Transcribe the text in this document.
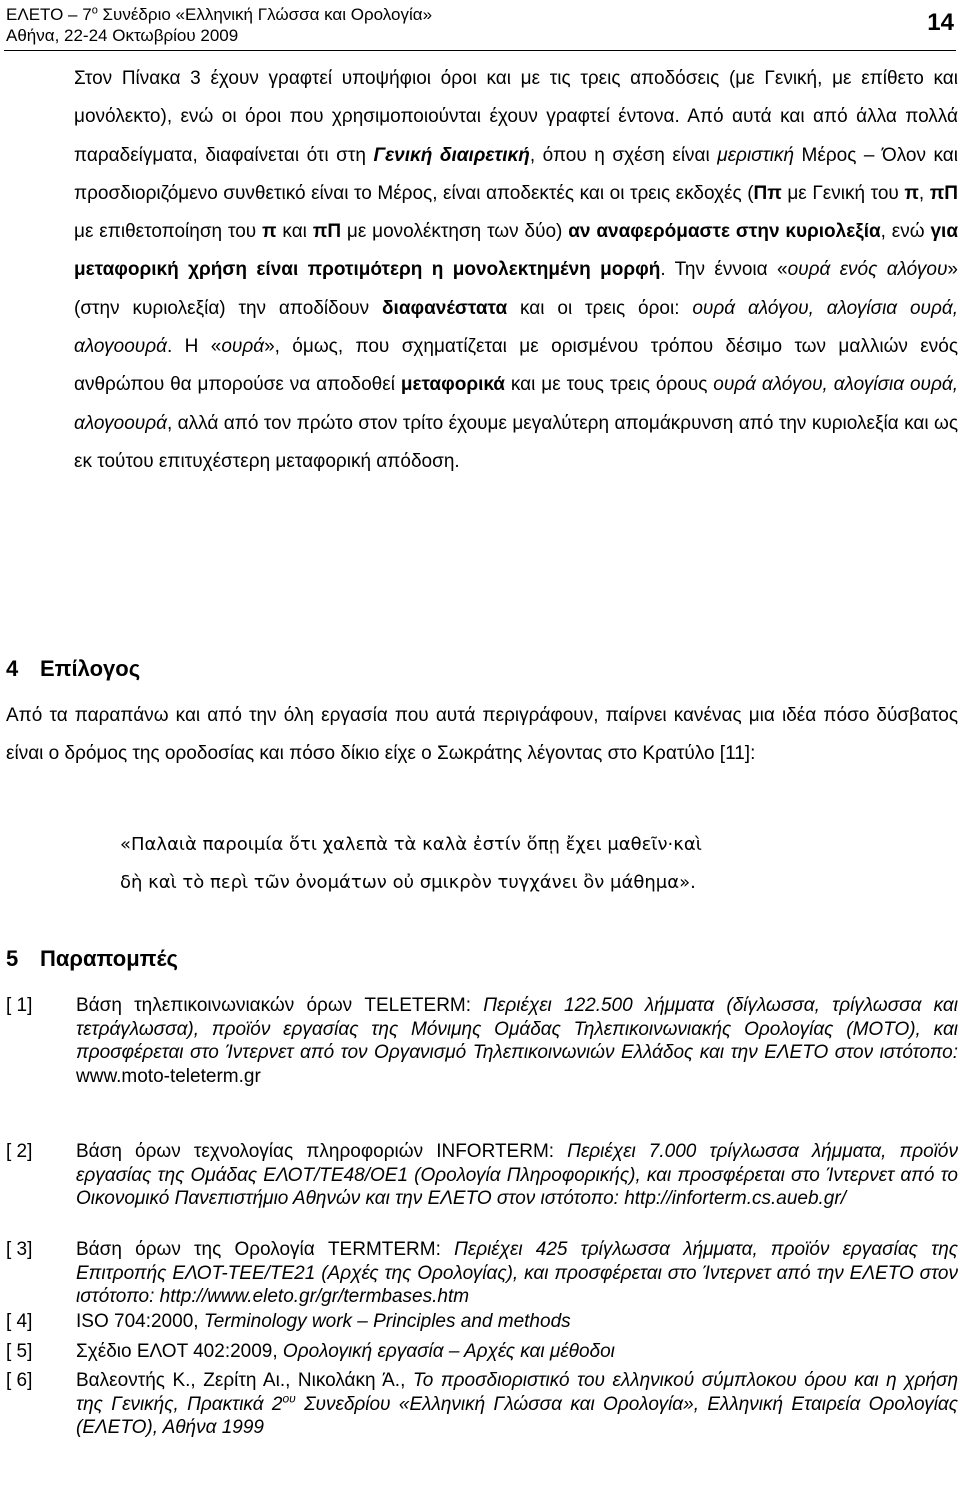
ΕΛΕΤΟ – $7^o$ Συνέδριο «Ελληνική Γλώσσα και Ορολογία»
Αθήνα, 22-24 Οκτωβρίου 2009	14

Στον Πίνακα 3 έχουν γραφτεί υποψήφιοι όροι και με τις τρεις αποδόσεις (με Γενική, με επίθετο και μονόλεκτο), ενώ οι όροι που χρησιμοποιούνται έχουν γραφτεί έντονα. Από αυτά και από άλλα πολλά παραδείγματα, διαφαίνεται ότι στη Γενική διαιρετική, όπου η σχέση είναι μεριστική Μέρος – Όλον και προσδιοριζόμενο συνθετικό είναι το Μέρος, είναι αποδεκτές και οι τρεις εκδοχές (Ππ με Γενική του π, πΠ με επιθετοποίηση του π και πΠ με μονολέκτηση των δύο) αν αναφερόμαστε στην κυριολεξία, ενώ για μεταφορική χρήση είναι προτιμότερη η μονολεκτημένη μορφή. Την έννοια «ουρά ενός αλόγου» (στην κυριολεξία) την αποδίδουν διαφανέστατα και οι τρεις όροι: ουρά αλόγου, αλογίσια ουρά, αλογοουρά. Η «ουρά», όμως, που σχηματίζεται με ορισμένου τρόπου δέσιμο των μαλλιών ενός ανθρώπου θα μπορούσε να αποδοθεί μεταφορικά και με τους τρεις όρους ουρά αλόγου, αλογίσια ουρά, αλογοουρά, αλλά από τον πρώτο στον τρίτο έχουμε μεγαλύτερη απομάκρυνση από την κυριολεξία και ως εκ τούτου επιτυχέστερη μεταφορική απόδοση.

4 Επίλογος

Από τα παραπάνω και από την όλη εργασία που αυτά περιγράφουν, παίρνει κανένας μια ιδέα πόσο δύσβατος είναι ο δρόμος της οροδοσίας και πόσο δίκιο είχε ο Σωκράτης λέγοντας στο Κρατύλο [11]:

«Παλαιὰ παροιμία ὅτι χαλεπὰ τὰ καλὰ ἐστίν ὅπῃ ἔχει μαθεῖν·καὶ
δὴ καὶ τὸ περὶ τῶν ὀνομάτων οὐ σμικρὸν τυγχάνει ὂν μάθημα».

5 Παραπομπές
[ 1]	Βάση τηλεπικοινωνιακών όρων TELETERM: Περιέχει 122.500 λήμματα (δίγλωσσα, τρίγλωσσα και τετράγλωσσα), προϊόν εργασίας της Μόνιμης Ομάδας Τηλεπικοινωνιακής Ορολογίας (ΜΟΤΟ), και προσφέρεται στο Ίντερνετ από τον Οργανισμό Τηλεπικοινωνιών Ελλάδος και την ΕΛΕΤΟ στον ιστότοπο: www.moto-teleterm.gr
[ 2]	Βάση όρων τεχνολογίας πληροφοριών INFORTERM: Περιέχει 7.000 τρίγλωσσα λήμματα, προϊόν εργασίας της Ομάδας ΕΛΟΤ/ΤΕ48/ΟΕ1 (Ορολογία Πληροφορικής), και προσφέρεται στο Ίντερνετ από το Οικονομικό Πανεπιστήμιο Αθηνών και την ΕΛΕΤΟ στον ιστότοπο: http://inforterm.cs.aueb.gr/
[ 3]	Βάση όρων της Ορολογία TERMTERM: Περιέχει 425 τρίγλωσσα λήμματα, προϊόν εργασίας της Επιτροπής ΕΛΟΤ-ΤΕΕ/ΤΕ21 (Αρχές της Ορολογίας), και προσφέρεται στο Ίντερνετ από την ΕΛΕΤΟ στον ιστότοπο: http://www.eleto.gr/gr/termbases.htm
[ 4]	ISO 704:2000, Terminology work – Principles and methods
[ 5]	Σχέδιο ΕΛΟΤ 402:2009, Ορολογική εργασία – Αρχές και μέθοδοι
[ 6]	Βαλεοντής Κ., Ζερίτη Αι., Νικολάκη Ά., Το προσδιοριστικό του ελληνικού σύμπλοκου όρου και η χρήση της Γενικής, Πρακτικά $2^{o\upsilon}$ Συνεδρίου «Ελληνική Γλώσσα και Ορολογία», Ελληνική Εταιρεία Ορολογίας (ΕΛΕΤΟ), Αθήνα 1999
